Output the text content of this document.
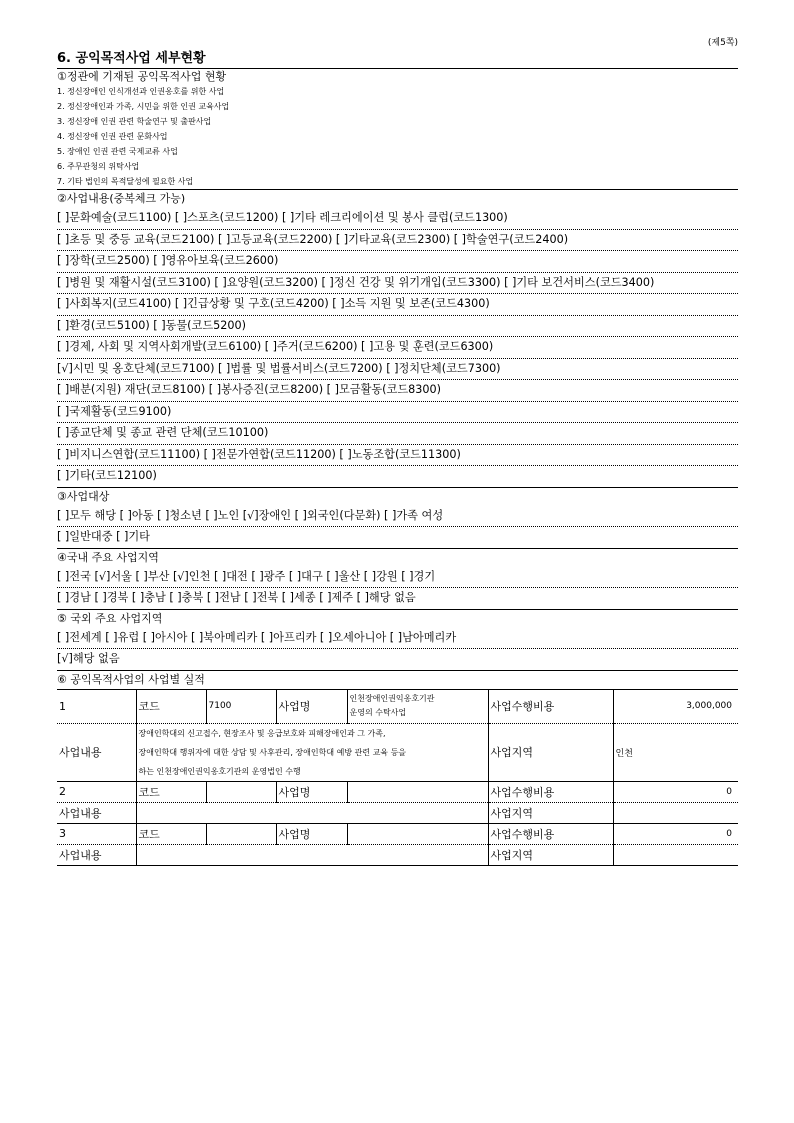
(제5쪽)
6. 공익목적사업 세부현황
①정관에 기재된 공익목적사업 현황
1. 정신장애인 인식개선과 인권옹호를 위한 사업
2. 정신장애인과 가족, 시민을 위한 인권 교육사업
3. 정신장애 인권 관련 학술연구 및 출판사업
4. 정신장애 인권 관련 문화사업
5. 장애인 인권 관련 국제교류 사업
6. 주무관청의 위탁사업
7. 기타 법인의 목적달성에 필요한 사업
②사업내용(중복체크 가능)
[ ]문화예술(코드1100) [ ]스포츠(코드1200) [ ]기타 레크리에이션 및 봉사 클럽(코드1300)
[ ]초등 및 중등 교육(코드2100) [ ]고등교육(코드2200) [ ]기타교육(코드2300) [ ]학술연구(코드2400)
[ ]장학(코드2500) [ ]영유아보육(코드2600)
[ ]병원 및 재활시설(코드3100) [ ]요양원(코드3200) [ ]정신 건강 및 위기개입(코드3300) [ ]기타 보건서비스(코드3400)
[ ]사회복지(코드4100) [ ]긴급상황 및 구호(코드4200) [ ]소득 지원 및 보존(코드4300)
[ ]환경(코드5100) [ ]동물(코드5200)
[ ]경제, 사회 및 지역사회개발(코드6100) [ ]주거(코드6200) [ ]고용 및 훈련(코드6300)
[√]시민 및 옹호단체(코드7100) [ ]법률 및 법률서비스(코드7200) [ ]정치단체(코드7300)
[ ]배분(지원) 재단(코드8100) [ ]봉사증진(코드8200) [ ]모금활동(코드8300)
[ ]국제활동(코드9100)
[ ]종교단체 및 종교 관련 단체(코드10100)
[ ]비지니스연합(코드11100) [ ]전문가연합(코드11200) [ ]노동조합(코드11300)
[ ]기타(코드12100)
③사업대상
[ ]모두 해당 [ ]아동 [ ]청소년 [ ]노인 [√]장애인 [ ]외국인(다문화) [ ]가족 여성
[ ]일반대중 [ ]기타
④국내 주요 사업지역
[ ]전국 [√]서울 [ ]부산 [√]인천 [ ]대전 [ ]광주 [ ]대구 [ ]울산 [ ]강원 [ ]경기
[ ]경남 [ ]경북 [ ]충남 [ ]충북 [ ]전남 [ ]전북 [ ]세종 [ ]제주 [ ]해당 없음
⑤ 국외 주요 사업지역
[ ]전세계 [ ]유럽 [ ]아시아 [ ]북아메리카 [ ]아프리카 [ ]오세아니아 [ ]남아메리카
[√]해당 없음
⑥ 공익목적사업의 사업별 실적
1	코드	7100	사업명	인천장애인권익옹호기관
운영의 수탁사업	사업수행비용	3,000,000
사업내용	장애인학대의 신고접수, 현장조사 및 응급보호와 피해장애인과 그 가족,
장애인학대 행위자에 대한 상담 및 사후관리, 장애인학대 예방 관련 교육 등을
하는 인천장애인권익옹호기관의 운영법인 수행				사업지역	인천
2	코드		사업명		사업수행비용	0
사업내용					사업지역	
3	코드		사업명		사업수행비용	0
사업내용					사업지역	
